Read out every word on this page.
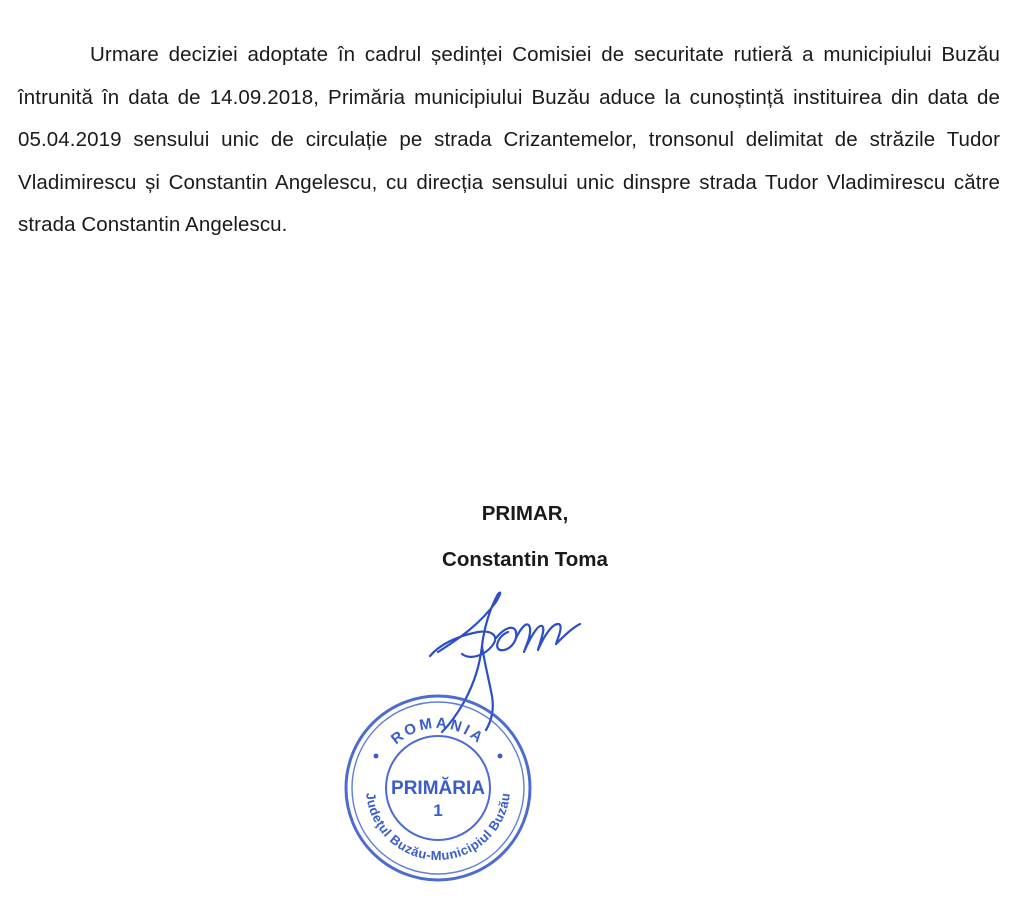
Urmare deciziei adoptate în cadrul ședinței Comisiei de securitate rutieră a municipiului Buzău întrunită în data de 14.09.2018, Primăria municipiului Buzău aduce la cunoștință instituirea din data de 05.04.2019 sensului unic de circulație pe strada Crizantemelor, tronsonul delimitat de străzile Tudor Vladimirescu și Constantin Angelescu, cu direcția sensului unic dinspre strada Tudor Vladimirescu către strada Constantin Angelescu.

PRIMAR,

Constantin Toma

ROMANIA
Judeţul Buzău-Municipiul Buzău
PRIMĂRIA
1
